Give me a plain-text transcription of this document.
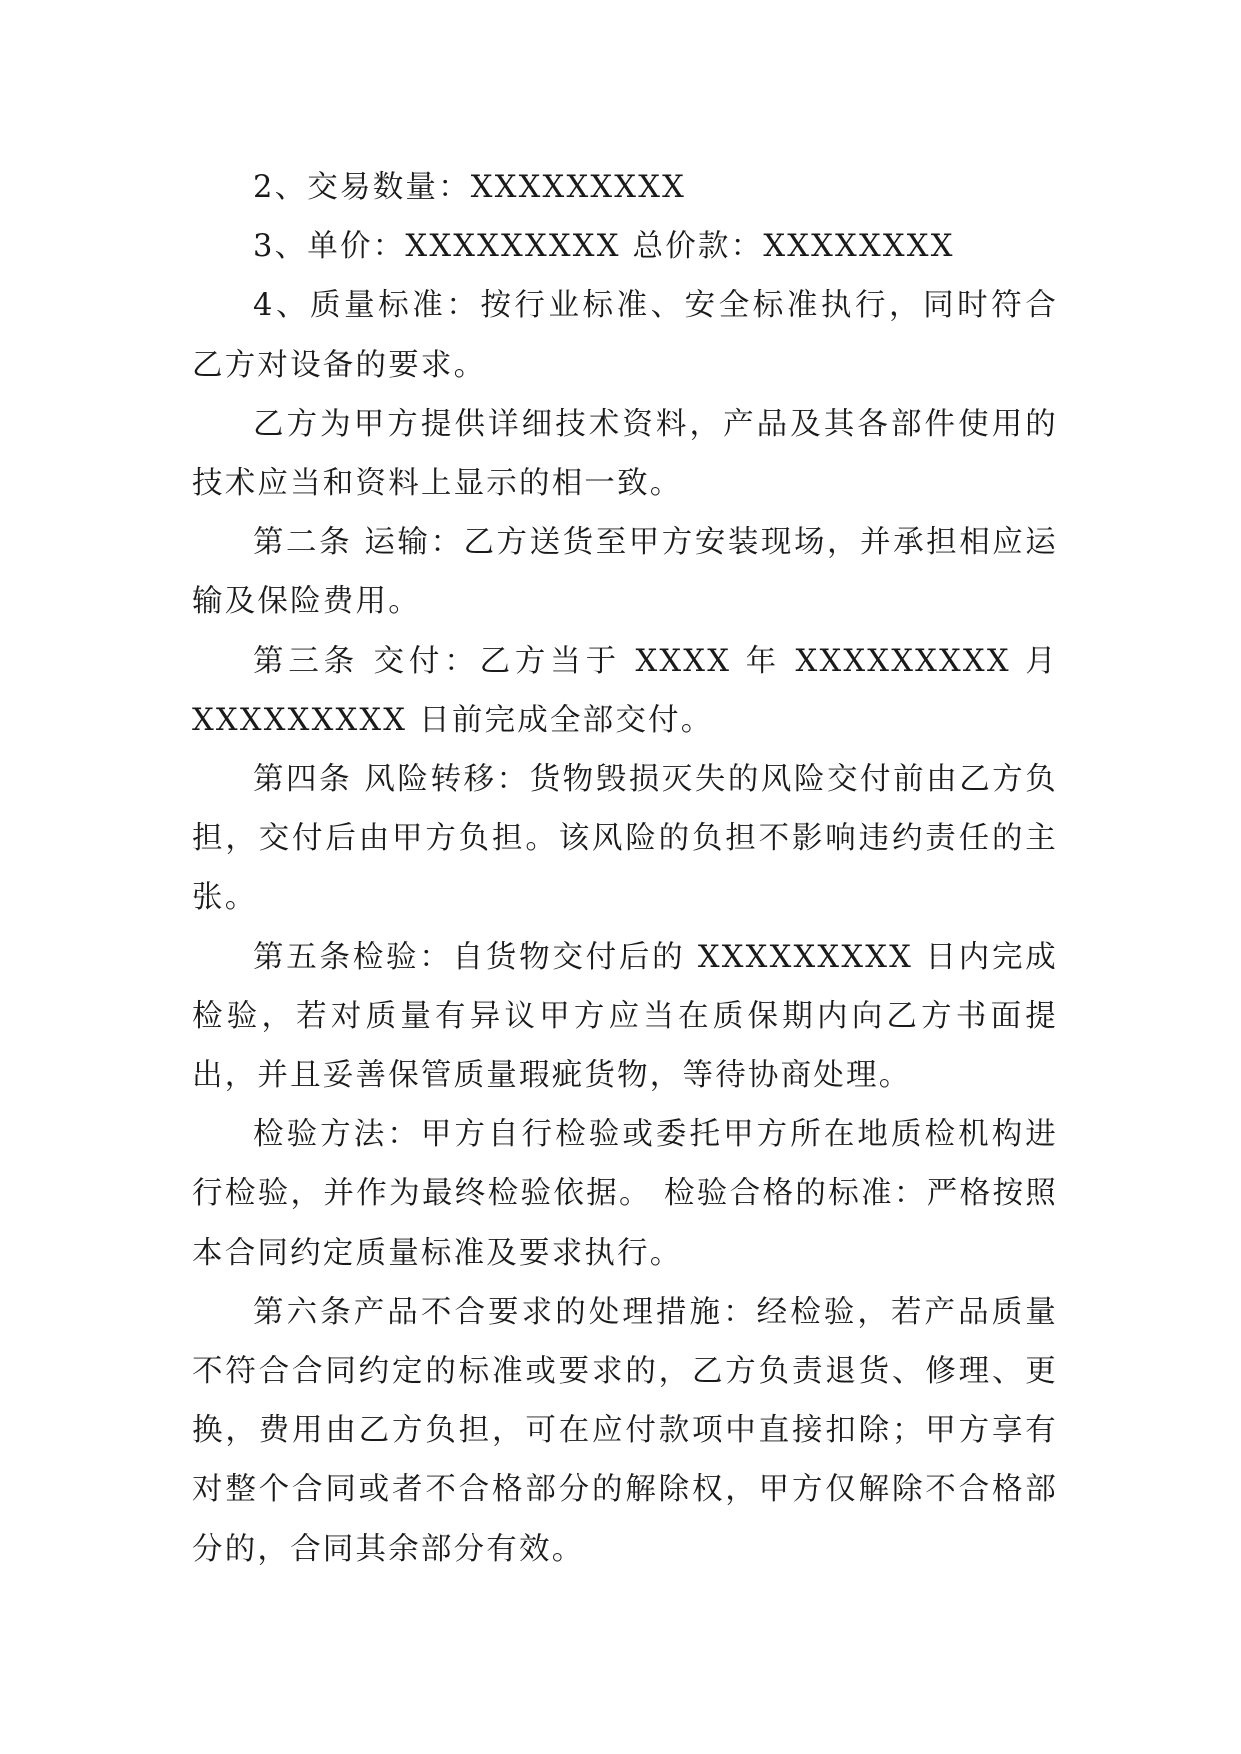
2、交易数量：XXXXXXXXX

3、单价：XXXXXXXXX 总价款：XXXXXXXX

4、质量标准：按行业标准、安全标准执行，同时符合乙方对设备的要求。

乙方为甲方提供详细技术资料，产品及其各部件使用的技术应当和资料上显示的相一致。

第二条 运输：乙方送货至甲方安装现场，并承担相应运输及保险费用。

第三条 交付：乙方当于 XXXX 年 XXXXXXXXX 月 XXXXXXXXX 日前完成全部交付。

第四条 风险转移：货物毁损灭失的风险交付前由乙方负担，交付后由甲方负担。该风险的负担不影响违约责任的主张。

第五条检验：自货物交付后的 XXXXXXXXX 日内完成检验，若对质量有异议甲方应当在质保期内向乙方书面提出，并且妥善保管质量瑕疵货物，等待协商处理。

检验方法：甲方自行检验或委托甲方所在地质检机构进行检验，并作为最终检验依据。 检验合格的标准：严格按照本合同约定质量标准及要求执行。

第六条产品不合要求的处理措施：经检验，若产品质量不符合合同约定的标准或要求的，乙方负责退货、修理、更换，费用由乙方负担，可在应付款项中直接扣除；甲方享有对整个合同或者不合格部分的解除权，甲方仅解除不合格部分的，合同其余部分有效。
